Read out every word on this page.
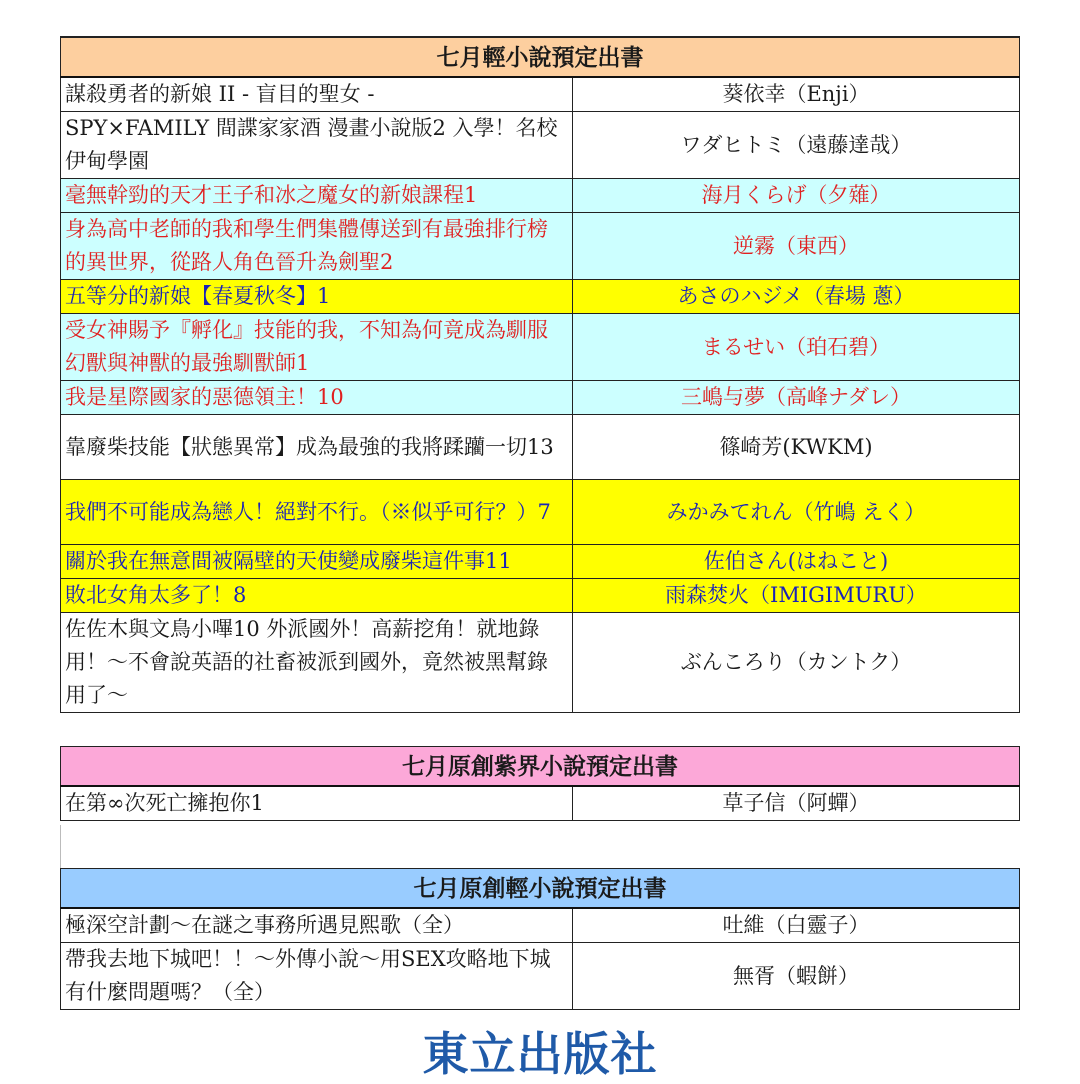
七月輕小說預定出書	
謀殺勇者的新娘 II - 盲目的聖女 -	葵依幸（Enji）
SPY×FAMILY 間諜家家酒 漫畫小說版2 入學！名校伊甸學園	ワダヒトミ（遠藤達哉）
毫無幹勁的天才王子和冰之魔女的新娘課程1	海月くらげ（夕薙）
身為高中老師的我和學生們集體傳送到有最強排行榜的異世界，從路人角色晉升為劍聖2	逆霧（東西）
五等分的新娘【春夏秋冬】1	あさのハジメ（春場 蔥）
受女神賜予『孵化』技能的我，不知為何竟成為馴服幻獸與神獸的最強馴獸師1	まるせい（珀石碧）
我是星際國家的惡德領主！10	三嶋与夢（高峰ナダレ）
靠廢柴技能【狀態異常】成為最強的我將蹂躪一切13	篠崎芳(KWKM)
我們不可能成為戀人！絕對不行。（※似乎可行？）7	みかみてれん（竹嶋 えく）
關於我在無意間被隔壁的天使變成廢柴這件事11	佐伯さん(はねこと)
敗北女角太多了！8	雨森焚火（IMIGIMURU）
佐佐木與文鳥小嗶10 外派國外！高薪挖角！就地錄用！～不會說英語的社畜被派到國外，竟然被黑幫錄用了～	ぶんころり（カントク）
七月原創紫界小說預定出書
在第∞次死亡擁抱你1	草子信（阿蟬）
七月原創輕小說預定出書	
極深空計劃～在謎之事務所遇見熙歌（全）	吐維（白靈子）
帶我去地下城吧！！～外傳小說～用SEX攻略地下城有什麼問題嗎？（全）	無胥（蝦餅）
東立出版社
